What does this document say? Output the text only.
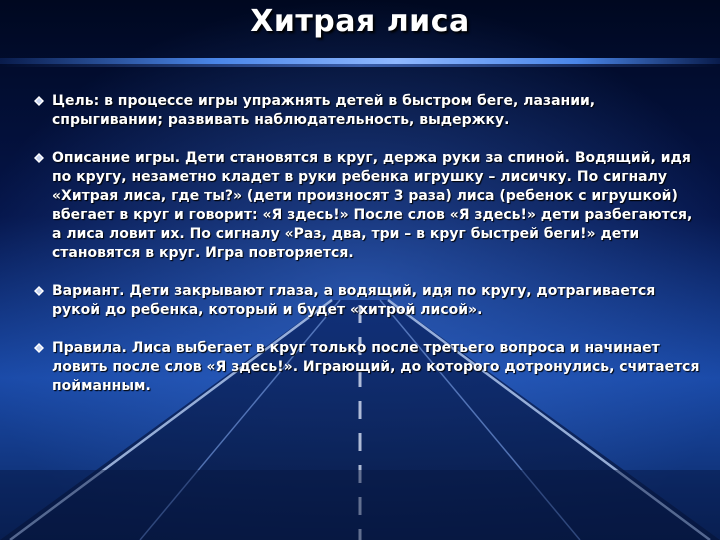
Хитрая лиса
Цель: в процессе игры упражнять детей в быстром беге, лазании, спрыгивании; развивать наблюдательность, выдержку.
Описание игры. Дети становятся в круг, держа руки за спиной. Водящий, идя по кругу, незаметно кладет в руки ребенка игрушку – лисичку. По сигналу «Хитрая лиса, где ты?» (дети произносят 3 раза) лиса (ребенок с игрушкой) вбегает в круг и говорит: «Я здесь!» После слов «Я здесь!» дети разбегаются, а лиса ловит их. По сигналу «Раз, два, три – в круг быстрей беги!» дети становятся в круг. Игра повторяется.
Вариант. Дети закрывают глаза, а водящий, идя по кругу, дотрагивается рукой до ребенка, который и будет «хитрой лисой».
Правила. Лиса выбегает в круг только после третьего вопроса и начинает ловить после слов «Я здесь!». Играющий, до которого дотронулись, считается пойманным.
